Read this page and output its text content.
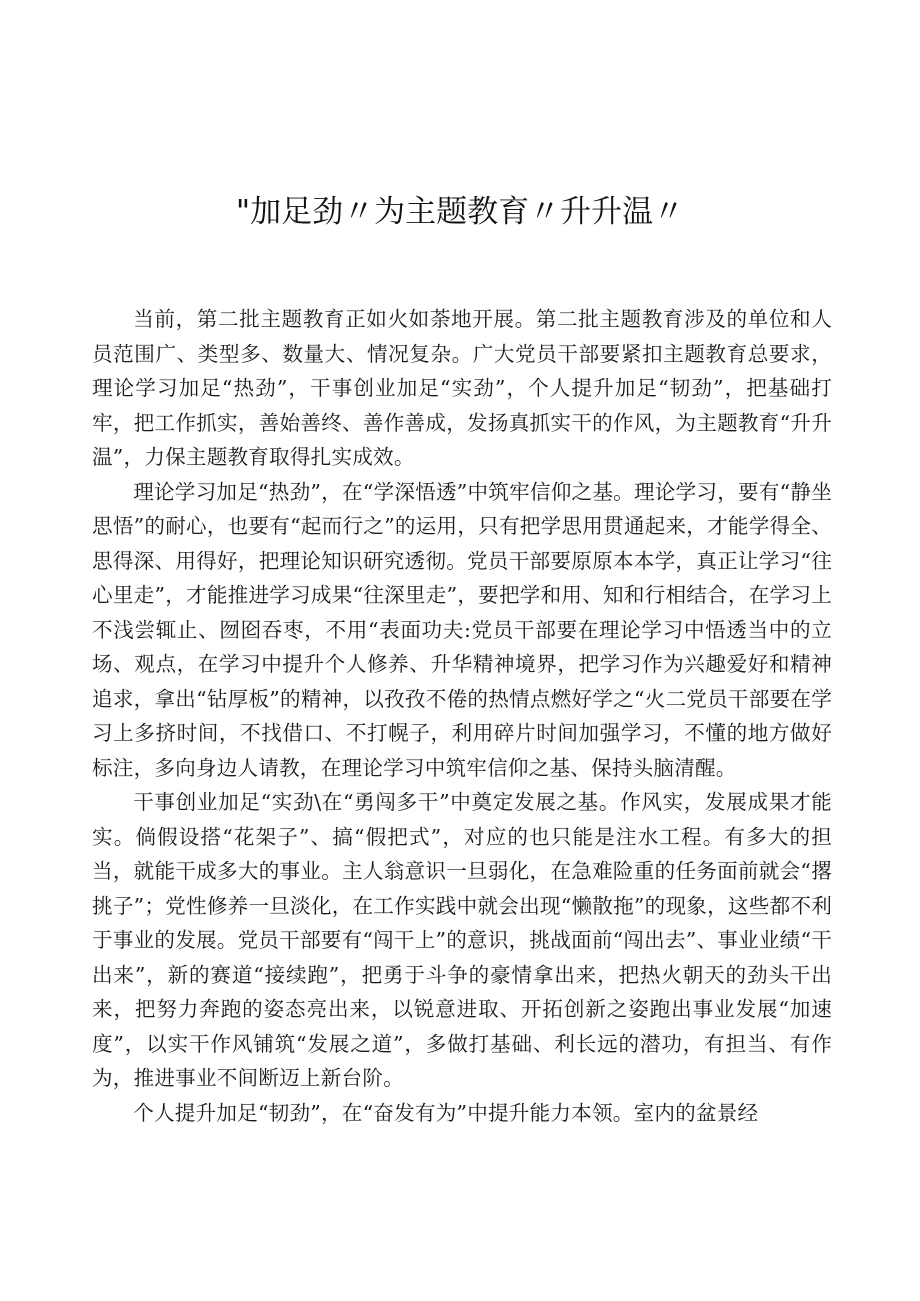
"加足劲〃为主题教育〃升升温〃

当前，第二批主题教育正如火如荼地开展。第二批主题教育涉及的单位和人员范围广、类型多、数量大、情况复杂。广大党员干部要紧扣主题教育总要求，理论学习加足“热劲”，干事创业加足“实劲”，个人提升加足“韧劲”，把基础打牢，把工作抓实，善始善终、善作善成，发扬真抓实干的作风，为主题教育“升升温”，力保主题教育取得扎实成效。

理论学习加足“热劲”，在“学深悟透”中筑牢信仰之基。理论学习，要有“静坐思悟”的耐心，也要有“起而行之”的运用，只有把学思用贯通起来，才能学得全、思得深、用得好，把理论知识研究透彻。党员干部要原原本本学，真正让学习“往心里走”，才能推进学习成果“往深里走”，要把学和用、知和行相结合，在学习上不浅尝辄止、囫囵吞枣，不用“表面功夫:党员干部要在理论学习中悟透当中的立场、观点，在学习中提升个人修养、升华精神境界，把学习作为兴趣爱好和精神追求，拿出“钻厚板”的精神，以孜孜不倦的热情点燃好学之“火二党员干部要在学习上多挤时间，不找借口、不打幌子，利用碎片时间加强学习，不懂的地方做好标注，多向身边人请教，在理论学习中筑牢信仰之基、保持头脑清醒。

干事创业加足“实劲\在“勇闯多干”中奠定发展之基。作风实，发展成果才能实。倘假设搭“花架子”、搞“假把式”，对应的也只能是注水工程。有多大的担当，就能干成多大的事业。主人翁意识一旦弱化，在急难险重的任务面前就会“撂挑子”；党性修养一旦淡化，在工作实践中就会出现“懒散拖”的现象，这些都不利于事业的发展。党员干部要有“闯干上”的意识，挑战面前“闯出去”、事业业绩“干出来”，新的赛道“接续跑”，把勇于斗争的豪情拿出来，把热火朝天的劲头干出来，把努力奔跑的姿态亮出来，以锐意进取、开拓创新之姿跑出事业发展“加速度”，以实干作风铺筑“发展之道”，多做打基础、利长远的潜功，有担当、有作为，推进事业不间断迈上新台阶。

个人提升加足“韧劲”，在“奋发有为”中提升能力本领。室内的盆景经
